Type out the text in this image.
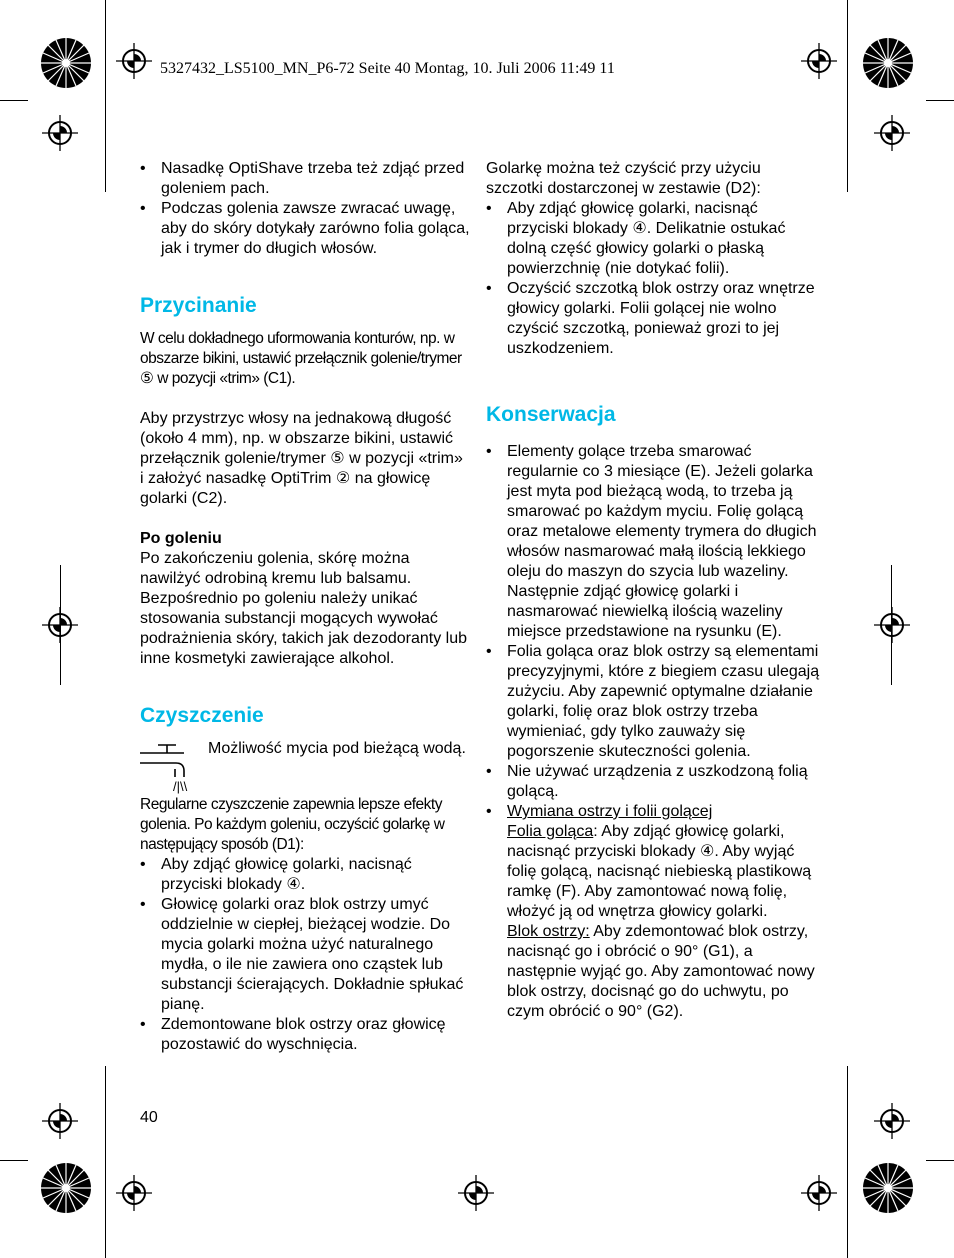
5327432_LS5100_MN_P6-72 Seite 40 Montag, 10. Juli 2006 11:49 11
• Nasadkę OptiShave trzeba też zdjąć przed goleniem pach.
• Podczas golenia zawsze zwracać uwagę, aby do skóry dotykały zarówno folia goląca, jak i trymer do długich włosów.
Przycinanie

W celu dokładnego uformowania konturów, np. w obszarze bikini, ustawić przełącznik golenie/trymer ⑤ w pozycji «trim» (C1).

Aby przystrzyc włosy na jednakową długość (około 4 mm), np. w obszarze bikini, ustawić przełącznik golenie/trymer ⑤ w pozycji «trim» i założyć nasadkę OptiTrim ② na głowicę golarki (C2).

Po goleniu

Po zakończeniu golenia, skórę można nawilżyć odrobiną kremu lub balsamu. Bezpośrednio po goleniu należy unikać stosowania substancji mogących wywołać podrażnienia skóry, takich jak dezodoranty lub inne kosmetyki zawierające alkohol.

Czyszczenie
/|\\
Możliwość mycia pod bieżącą wodą.

Regularne czyszczenie zapewnia lepsze efekty golenia. Po każdym goleniu, oczyścić golarkę w następujący sposób (D1):

• Aby zdjąć głowicę golarki, nacisnąć przyciski blokady ④.
• Głowicę golarki oraz blok ostrzy umyć oddzielnie w ciepłej, bieżącej wodzie. Do mycia golarki można użyć naturalnego mydła, o ile nie zawiera ono cząstek lub substancji ścierających. Dokładnie spłukać pianę.
• Zdemontowane blok ostrzy oraz głowicę pozostawić do wyschnięcia.

Golarkę można też czyścić przy użyciu szczotki dostarczonej w zestawie (D2):

• Aby zdjąć głowicę golarki, nacisnąć przyciski blokady ④. Delikatnie ostukać dolną część głowicy golarki o płaską powierzchnię (nie dotykać folii).
• Oczyścić szczotką blok ostrzy oraz wnętrze głowicy golarki. Folii golącej nie wolno czyścić szczotką, ponieważ grozi to jej uszkodzeniem.
Konserwacja
• Elementy golące trzeba smarować regularnie co 3 miesiące (E). Jeżeli golarka jest myta pod bieżącą wodą, to trzeba ją smarować po każdym myciu. Folię golącą oraz metalowe elementy trymera do długich włosów nasmarować małą ilością lekkiego oleju do maszyn do szycia lub wazeliny. Następnie zdjąć głowicę golarki i nasmarować niewielką ilością wazeliny miejsce przedstawione na rysunku (E).
• Folia goląca oraz blok ostrzy są elementami precyzyjnymi, które z biegiem czasu ulegają zużyciu. Aby zapewnić optymalne działanie golarki, folię oraz blok ostrzy trzeba wymieniać, gdy tylko zauważy się pogorszenie skuteczności golenia.
• Nie używać urządzenia z uszkodzoną folią golącą.
• Wymiana ostrzy i folii golącej
Folia goląca: Aby zdjąć głowicę golarki, nacisnąć przyciski blokady ④. Aby wyjąć folię golącą, nacisnąć niebieską plastikową ramkę (F). Aby zamontować nową folię, włożyć ją od wnętrza głowicy golarki.
Blok ostrzy: Aby zdemontować blok ostrzy, nacisnąć go i obrócić o 90° (G1), a następnie wyjąć go. Aby zamontować nowy blok ostrzy, docisnąć go do uchwytu, po czym obrócić o 90° (G2).
40
